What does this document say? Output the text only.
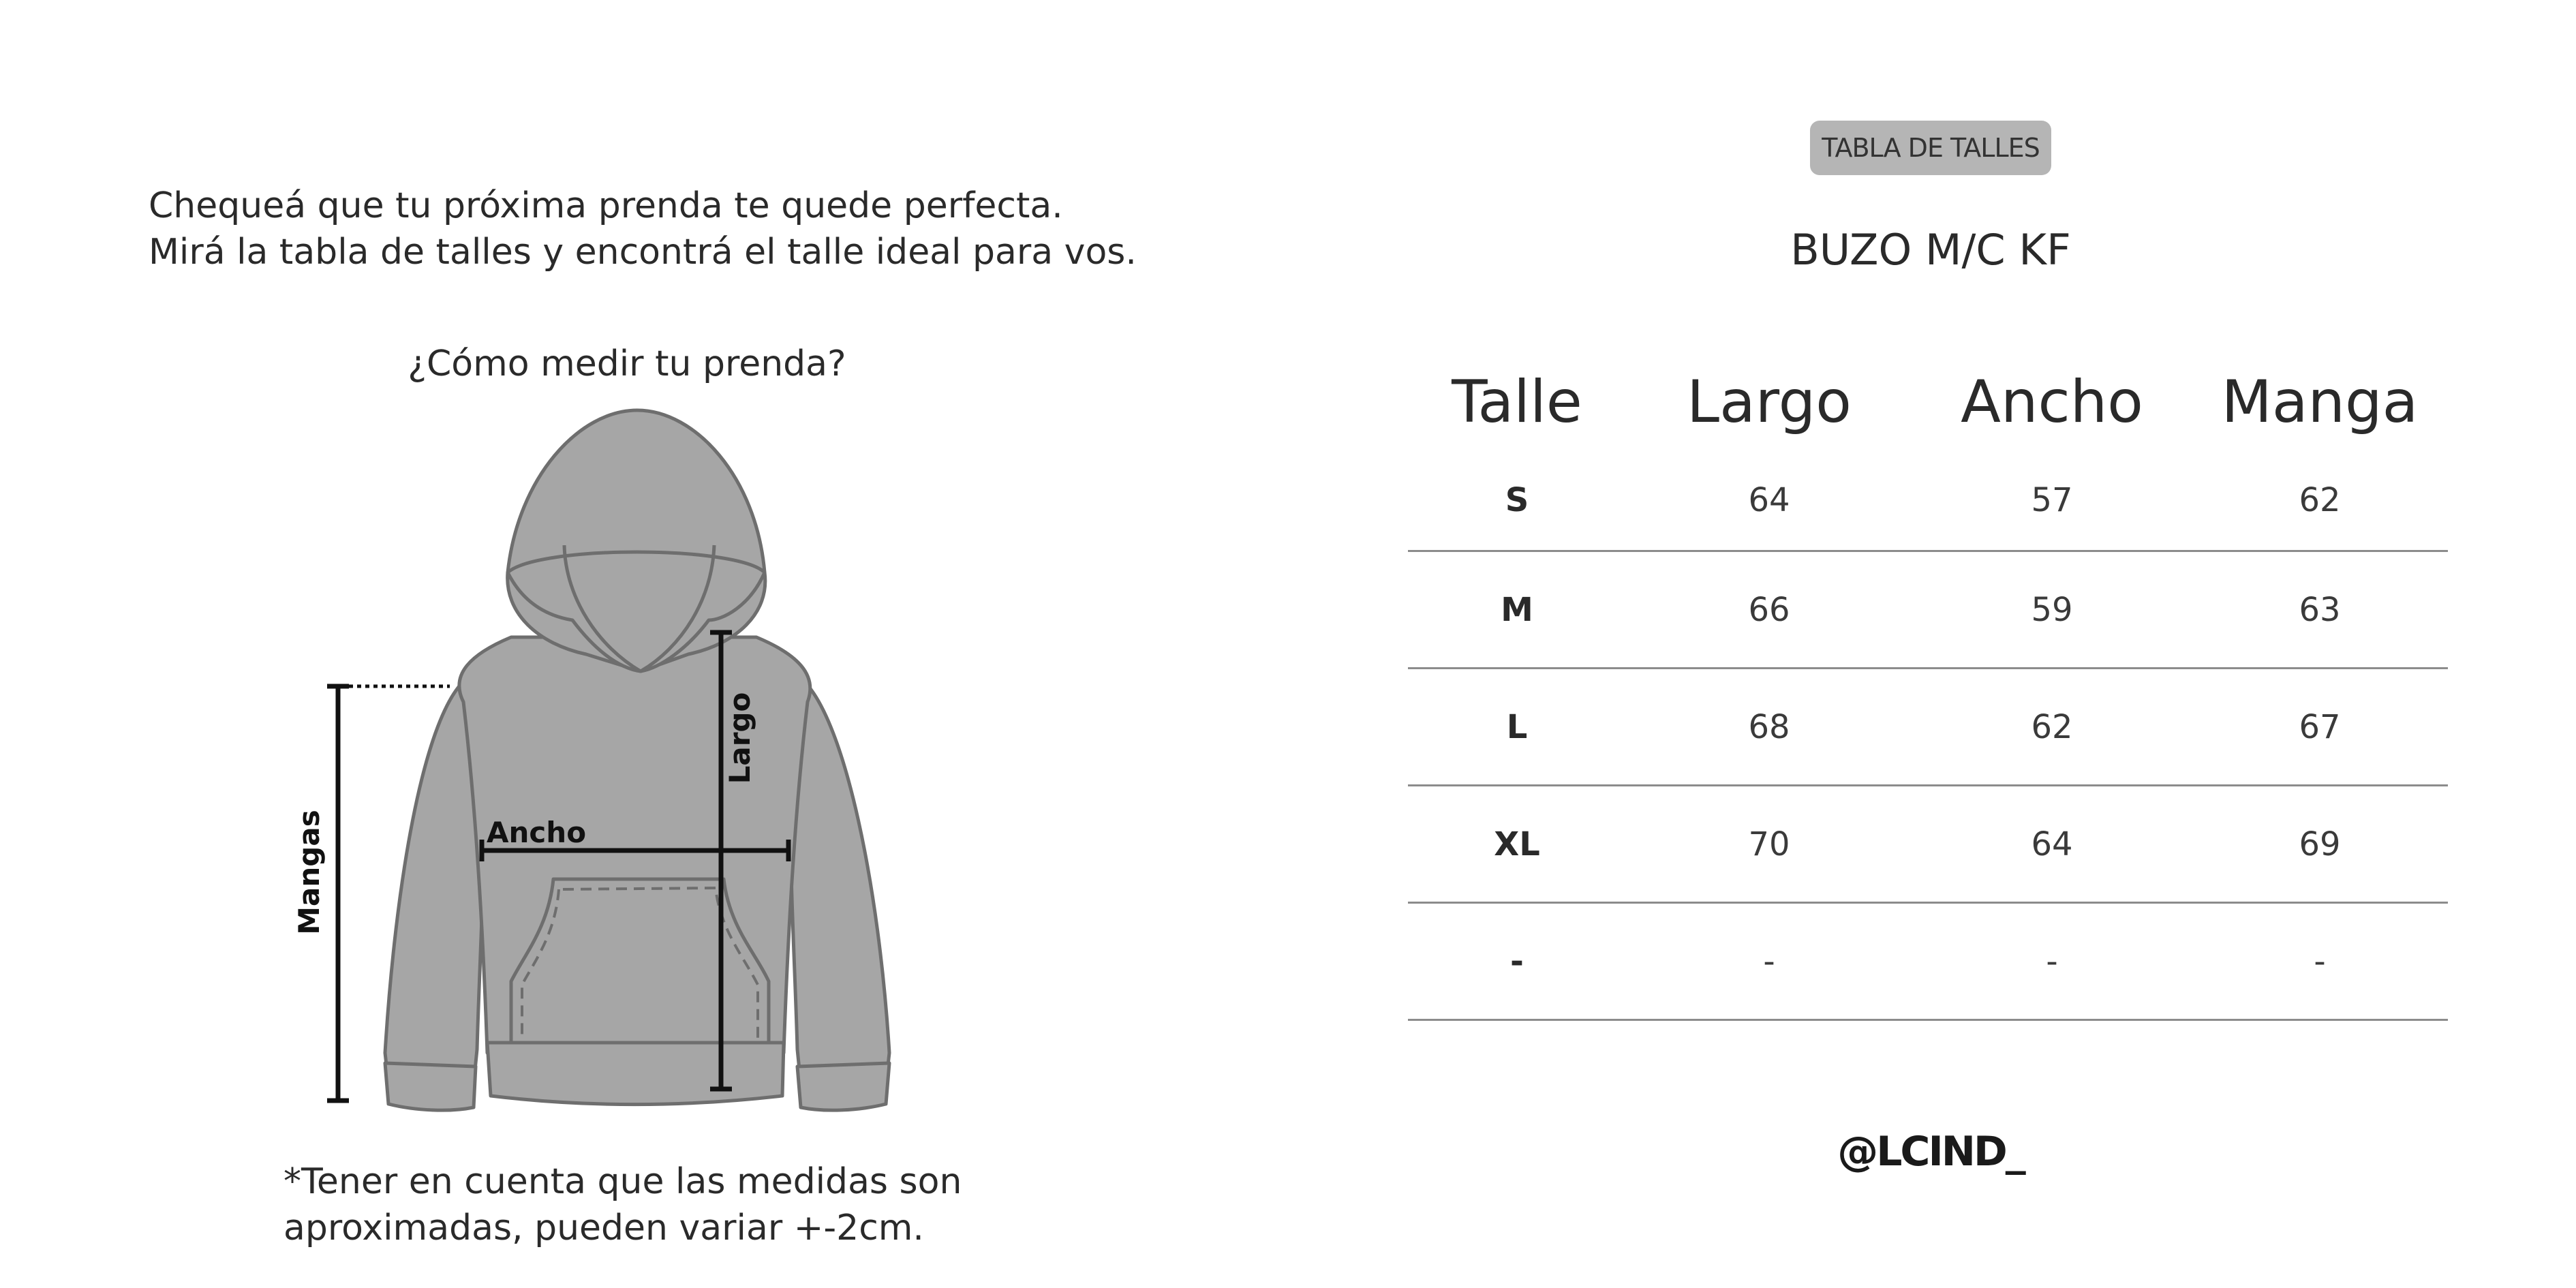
Chequeá que tu próxima prenda te quede perfecta.
Mirá la tabla de talles y encontrá el talle ideal para vos.
¿Cómo medir tu prenda?
Mangas	Ancho
Largo
*Tener en cuenta que las medidas son
aproximadas, pueden variar +-2cm.
TABLA DE TALLES
BUZO M/C KF
Talle	Largo	Ancho	Manga
S	64	57	62
M	66	59	63
L	68	62	67
XL	70	64	69
-	-	-	-
@LCIND_
